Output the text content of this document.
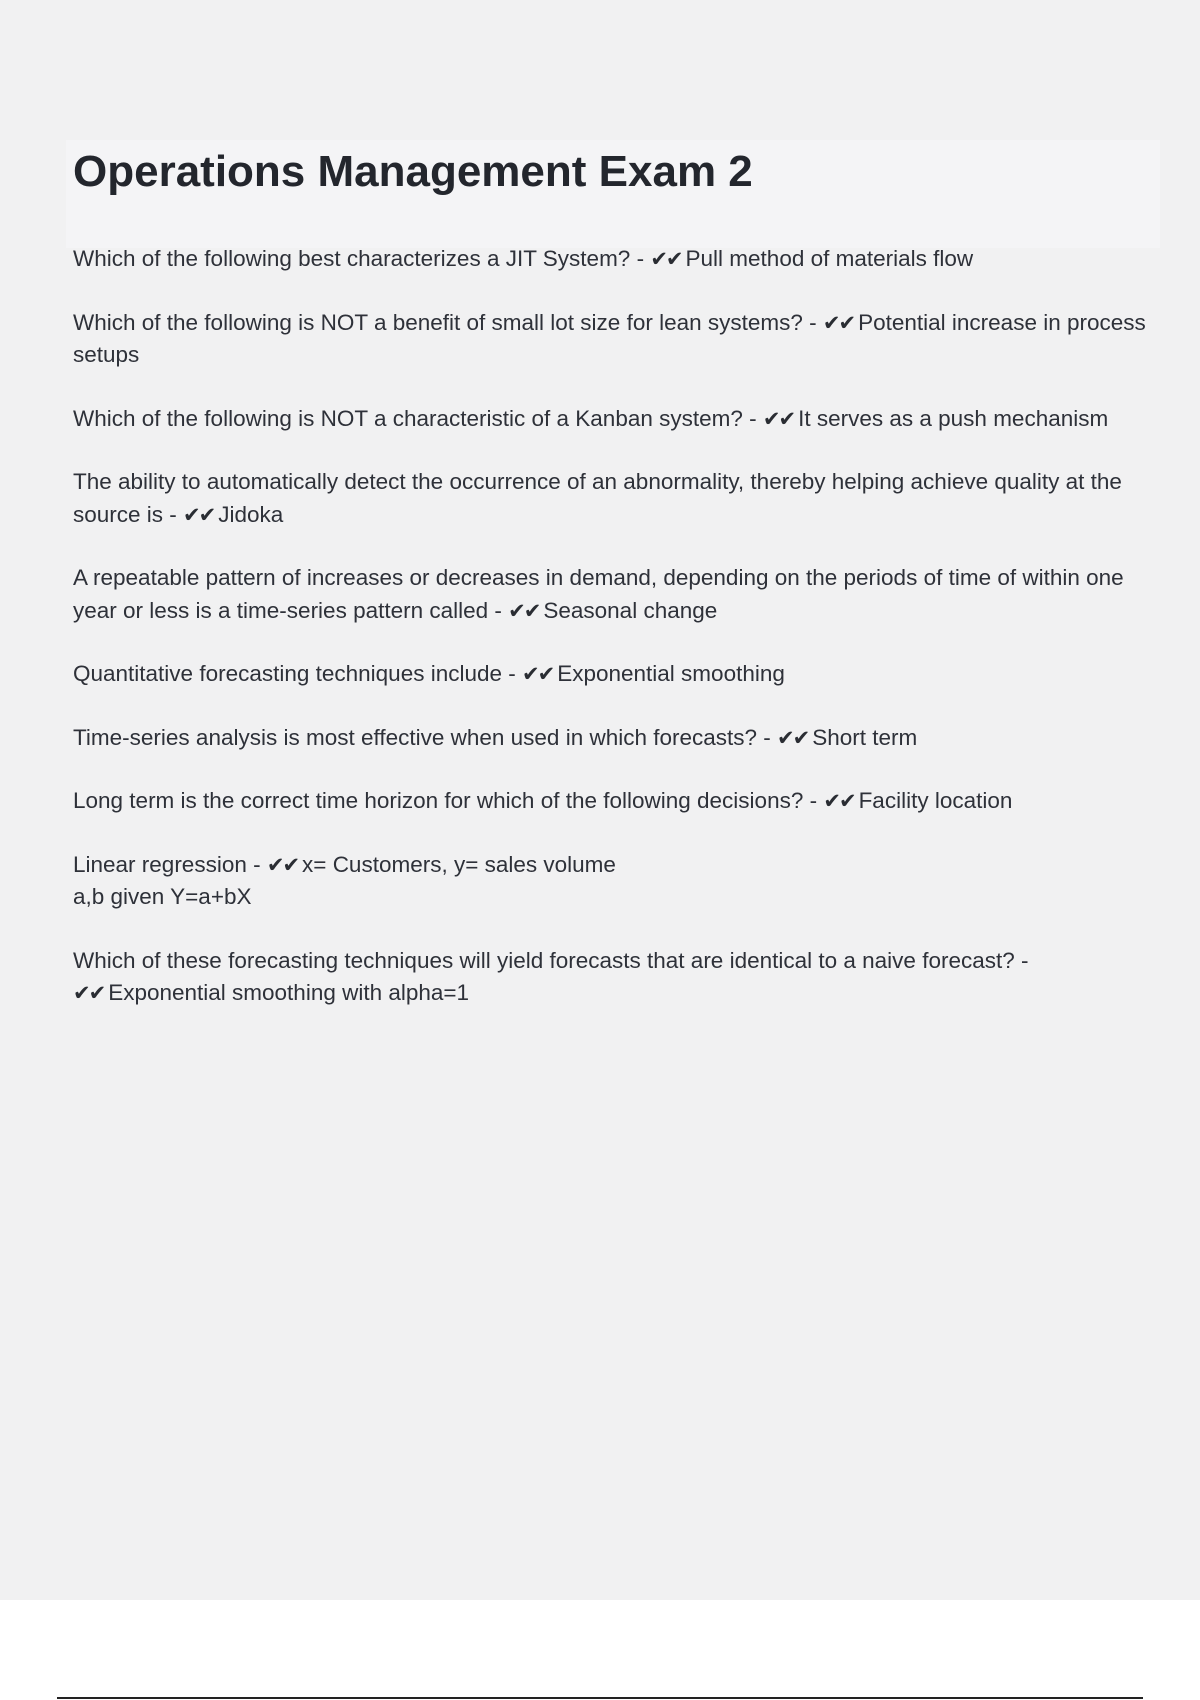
Operations Management Exam 2
Which of the following best characterizes a JIT System? - ✔✔ Pull method of materials flow
Which of the following is NOT a benefit of small lot size for lean systems? - ✔✔ Potential increase in process setups
Which of the following is NOT a characteristic of a Kanban system? - ✔✔ It serves as a push mechanism
The ability to automatically detect the occurrence of an abnormality, thereby helping achieve quality at the source is - ✔✔ Jidoka
A repeatable pattern of increases or decreases in demand, depending on the periods of time of within one year or less is a time-series pattern called - ✔✔ Seasonal change
Quantitative forecasting techniques include - ✔✔ Exponential smoothing
Time-series analysis is most effective when used in which forecasts? - ✔✔ Short term
Long term is the correct time horizon for which of the following decisions? - ✔✔ Facility location
Linear regression - ✔✔ x= Customers, y= sales volume
a,b given Y=a+bX
Which of these forecasting techniques will yield forecasts that are identical to a naive forecast? - ✔✔ Exponential smoothing with alpha=1
